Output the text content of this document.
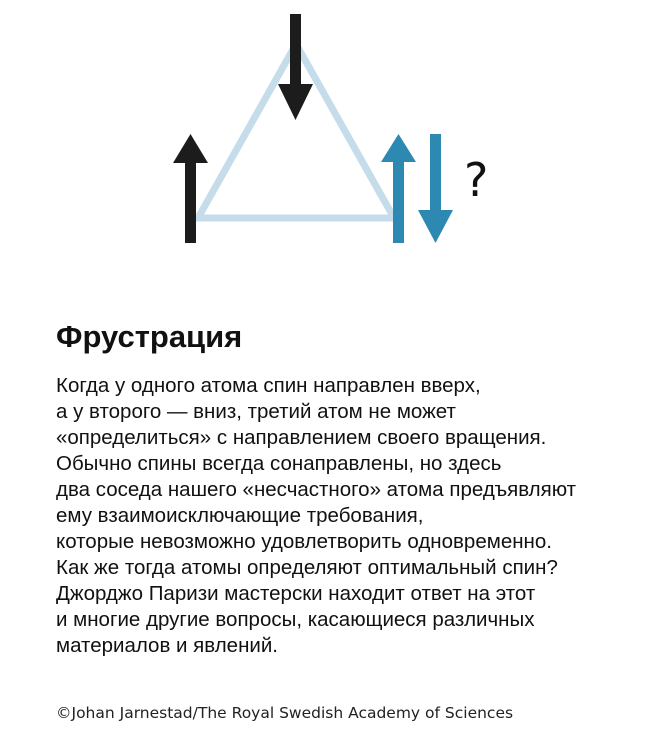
?
Фрустрация
Когда у одного атома спин направлен вверх,
а у второго — вниз, третий атом не может
«определиться» с направлением своего вращения.
Обычно спины всегда сонаправлены, но здесь
два соседа нашего «несчастного» атома предъявляют
ему взаимоисключающие требования,
которые невозможно удовлетворить одновременно.
Как же тогда атомы определяют оптимальный спин?
Джорджо Паризи мастерски находит ответ на этот
и многие другие вопросы, касающиеся различных
материалов и явлений.

©Johan Jarnestad/The Royal Swedish Academy of Sciences
